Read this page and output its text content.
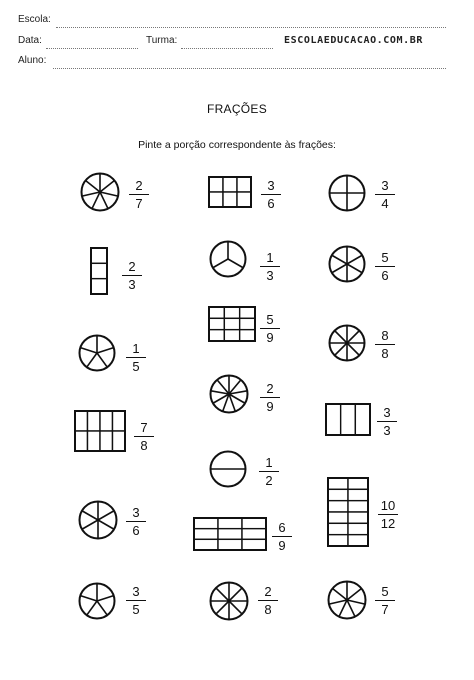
Escola:
Data:	Turma:	ESCOLAEDUCACAO.COM.BR
Aluno:
FRAÇÕES
Pinte a porção correspondente às frações:
2
7
3
6
3
4
2
3
1
3
5
6
5
9
1
5
8
8
2
9
7
8
3
3
1
2
10
12
3
6	6
9
3
5
2
8
5
7
